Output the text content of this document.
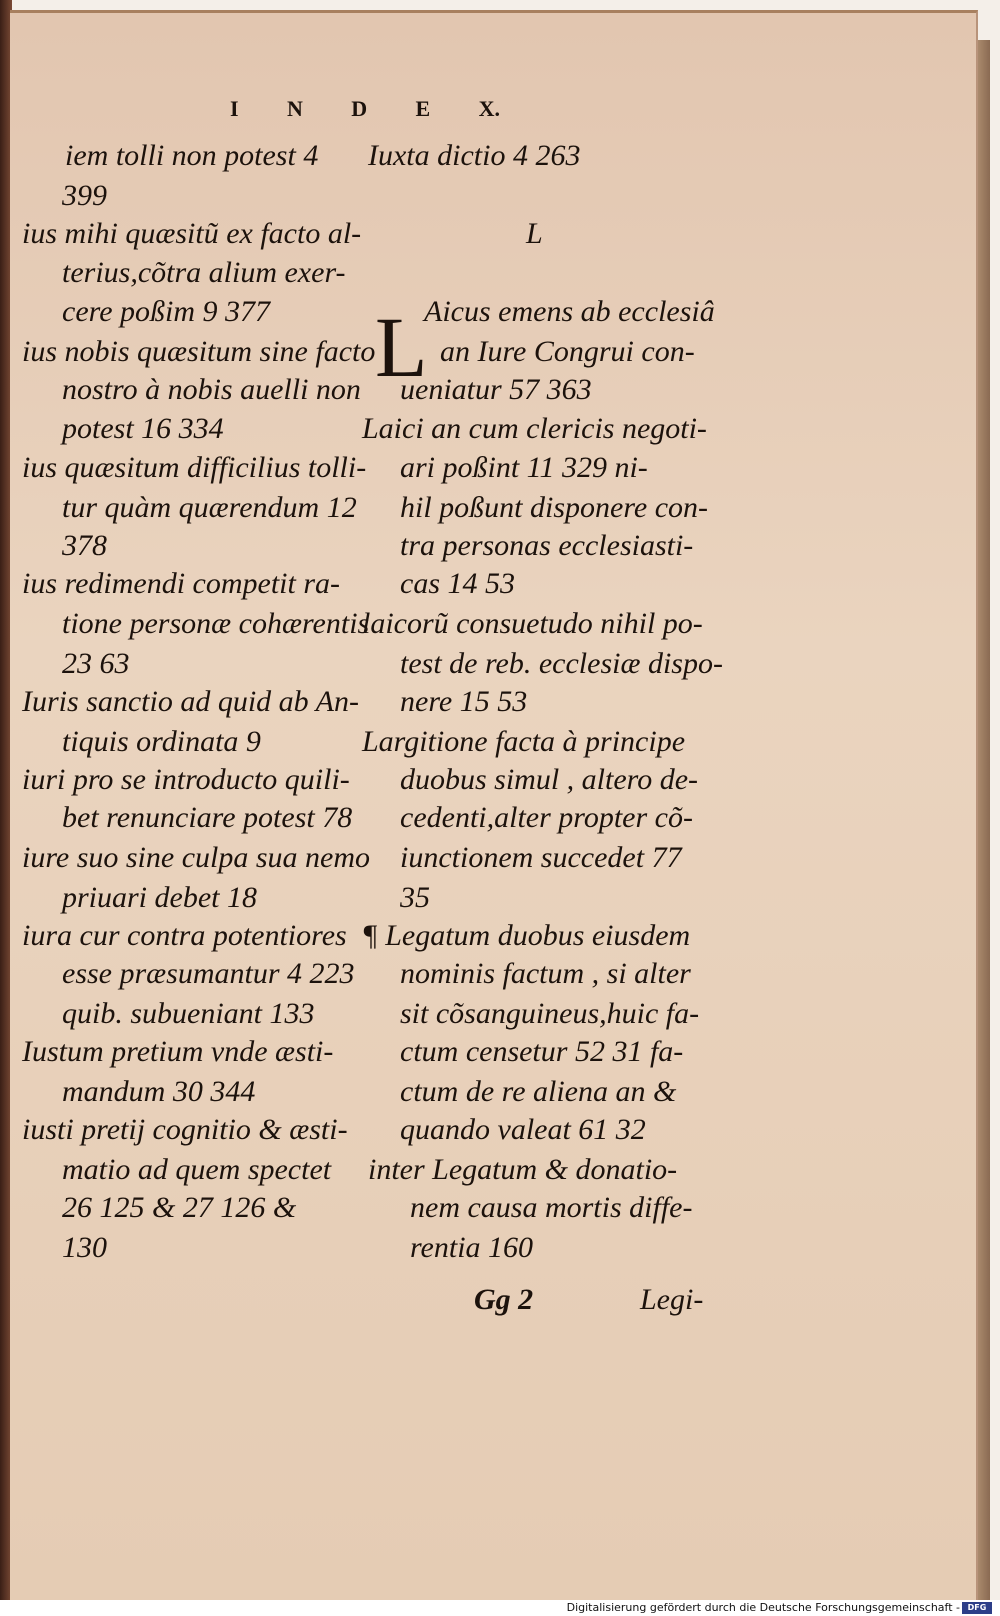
I N D E X.
iem tolli non potest 4
399
ius mihi quæsitũ ex facto al-
terius,cõtra alium exer-
cere poßim 9 377
ius nobis quæsitum sine facto
nostro à nobis auelli non
potest 16 334
ius quæsitum difficilius tolli-
tur quàm quærendum 12
378
ius redimendi competit ra-
tione personæ cohærentis
23 63
Iuris sanctio ad quid ab An-
tiquis ordinata 9
iuri pro se introducto quili-
bet renunciare potest 78
iure suo sine culpa sua nemo
priuari debet 18
iura cur contra potentiores
esse præsumantur 4 223
quib. subueniant 133
Iustum pretium vnde æsti-
mandum 30 344
iusti pretij cognitio & æsti-
matio ad quem spectet
26 125 & 27 126 &
130
Iuxta dictio 4 263
L
L
Aicus emens ab ecclesiâ
an Iure Congrui con-
ueniatur 57 363
Laici an cum clericis negoti-
ari poßint 11 329 ni-
hil poßunt disponere con-
tra personas ecclesiasti-
cas 14 53
laicorũ consuetudo nihil po-
test de reb. ecclesiæ dispo-
nere 15 53
Largitione facta à principe
duobus simul , altero de-
cedenti,alter propter cõ-
iunctionem succedet 77
35
¶ Legatum duobus eiusdem
nominis factum , si alter
sit cõsanguineus,huic fa-
ctum censetur 52 31 fa-
ctum de re aliena an &
quando valeat 61 32
inter Legatum & donatio-
nem causa mortis diffe-
rentia 160
Gg 2	Legi-
Digitalisierung gefördert durch die Deutsche Forschungsgemeinschaft - DFG
